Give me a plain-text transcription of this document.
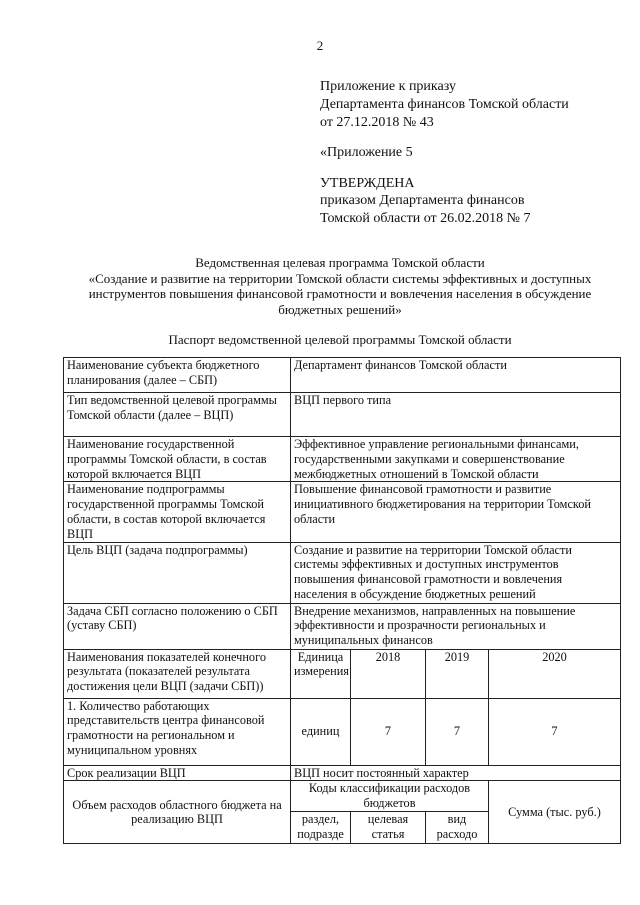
2
Приложение к приказу
Департамента финансов Томской области
от 27.12.2018 № 43
«Приложение 5
УТВЕРЖДЕНА
приказом Департамента финансов
Томской области от 26.02.2018 № 7
Ведомственная целевая программа Томской области
«Создание и развитие на территории Томской области системы эффективных и доступных
инструментов повышения финансовой грамотности и вовлечения населения в обсуждение
бюджетных решений»
Паспорт ведомственной целевой программы Томской области
Наименование субъекта бюджетного планирования (далее – СБП)	Департамент финансов Томской области			
Тип ведомственной целевой программы Томской области (далее – ВЦП)	ВЦП первого типа			
Наименование государственной программы Томской области, в состав которой включается ВЦП	Эффективное управление региональными финансами, государственными закупками и совершенствование межбюджетных отношений в Томской области			
Наименование подпрограммы государственной программы Томской области, в состав которой включается ВЦП	Повышение финансовой грамотности и развитие инициативного бюджетирования на территории Томской области			
Цель ВЦП (задача подпрограммы)	Создание и развитие на территории Томской области системы эффективных и доступных инструментов повышения финансовой грамотности и вовлечения населения в обсуждение бюджетных решений			
Задача СБП согласно положению о СБП (уставу СБП)	Внедрение механизмов, направленных на повышение эффективности и прозрачности региональных и муниципальных финансов			
Наименования показателей конечного результата (показателей результата достижения цели ВЦП (задачи СБП))	Единица измерения	2018	2019	2020
1. Количество работающих представительств центра финансовой грамотности на региональном и муниципальном уровнях	единиц	7	7	7
Срок реализации ВЦП	ВЦП носит постоянный характер			
Объем расходов областного бюджета на реализацию ВЦП	Коды классификации расходов бюджетов			Сумма (тыс. руб.)
	раздел, подразде	целевая статья	вид расходо	
